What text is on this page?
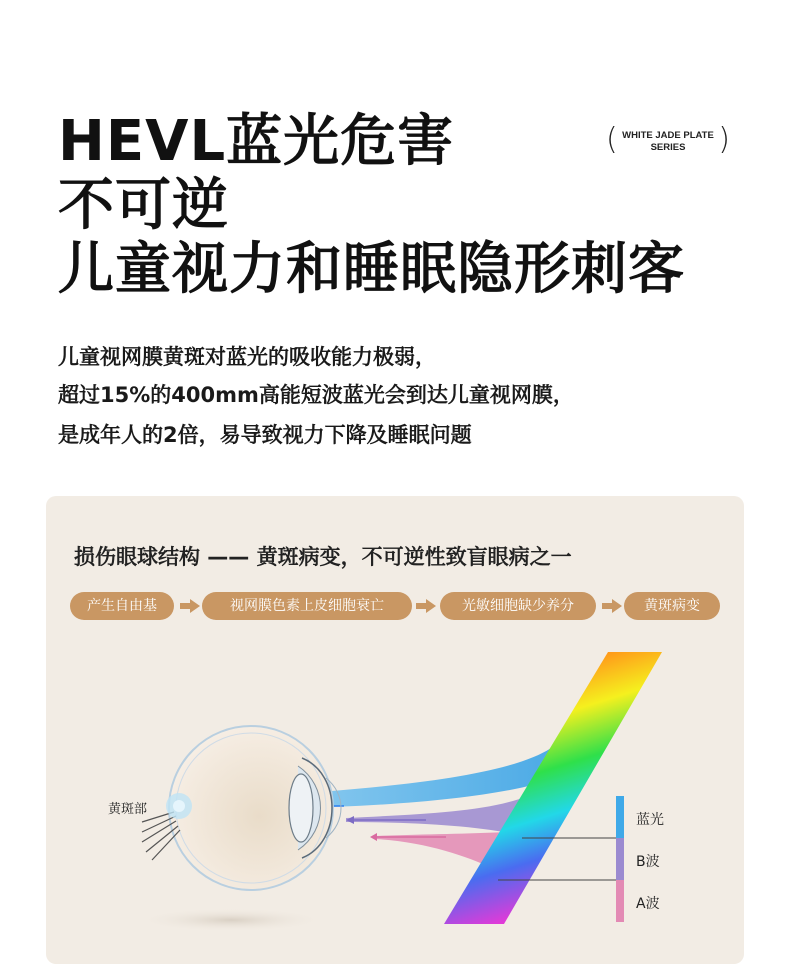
HEVL蓝光危害
不可逆
儿童视力和睡眠隐形刺客
( WHITE JADE PLATE
SERIES	)
儿童视网膜黄斑对蓝光的吸收能力极弱，
超过15%的400mm高能短波蓝光会到达儿童视网膜，
是成年人的2倍，易导致视力下降及睡眠问题
损伤眼球结构 —— 黄斑病变，不可逆性致盲眼病之一
产生自由基	视网膜色素上皮细胞衰亡	光敏细胞缺少养分	黄斑病变
黄斑部
蓝光
B波
A波
